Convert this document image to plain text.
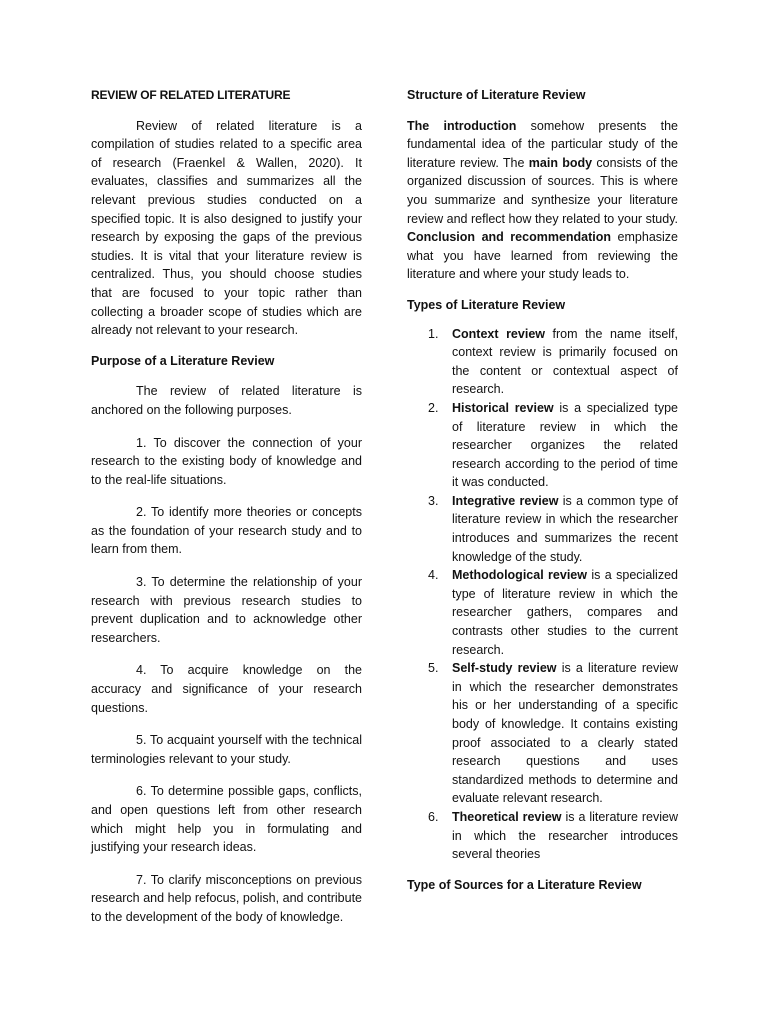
REVIEW OF RELATED LITERATURE

Review of related literature is a compilation of studies related to a specific area of research (Fraenkel & Wallen, 2020). It evaluates, classifies and summarizes all the relevant previous studies conducted on a specified topic. It is also designed to justify your research by exposing the gaps of the previous studies. It is vital that your literature review is centralized. Thus, you should choose studies that are focused to your topic rather than collecting a broader scope of studies which are already not relevant to your research.

Purpose of a Literature Review

The review of related literature is anchored on the following purposes.

1. To discover the connection of your research to the existing body of knowledge and to the real-life situations.

2. To identify more theories or concepts as the foundation of your research study and to learn from them.

3. To determine the relationship of your research with previous research studies to prevent duplication and to acknowledge other researchers.

4. To acquire knowledge on the accuracy and significance of your research questions.

5. To acquaint yourself with the technical terminologies relevant to your study.

6. To determine possible gaps, conflicts, and open questions left from other research which might help you in formulating and justifying your research ideas.

7. To clarify misconceptions on previous research and help refocus, polish, and contribute to the development of the body of knowledge.

Structure of Literature Review

The introduction somehow presents the fundamental idea of the particular study of the literature review. The main body consists of the organized discussion of sources. This is where you summarize and synthesize your literature review and reflect how they related to your study. Conclusion and recommendation emphasize what you have learned from reviewing the literature and where your study leads to.

Types of Literature Review
1. Context review from the name itself, context review is primarily focused on the content or contextual aspect of research.
2. Historical review is a specialized type of literature review in which the researcher organizes the related research according to the period of time it was conducted.
3. Integrative review is a common type of literature review in which the researcher introduces and summarizes the recent knowledge of the study.
4. Methodological review is a specialized type of literature review in which the researcher gathers, compares and contrasts other studies to the current research.
5. Self-study review is a literature review in which the researcher demonstrates his or her understanding of a specific body of knowledge. It contains existing proof associated to a clearly stated research questions and uses standardized methods to determine and evaluate relevant research.
6. Theoretical review is a literature review in which the researcher introduces several theories
Type of Sources for a Literature Review
